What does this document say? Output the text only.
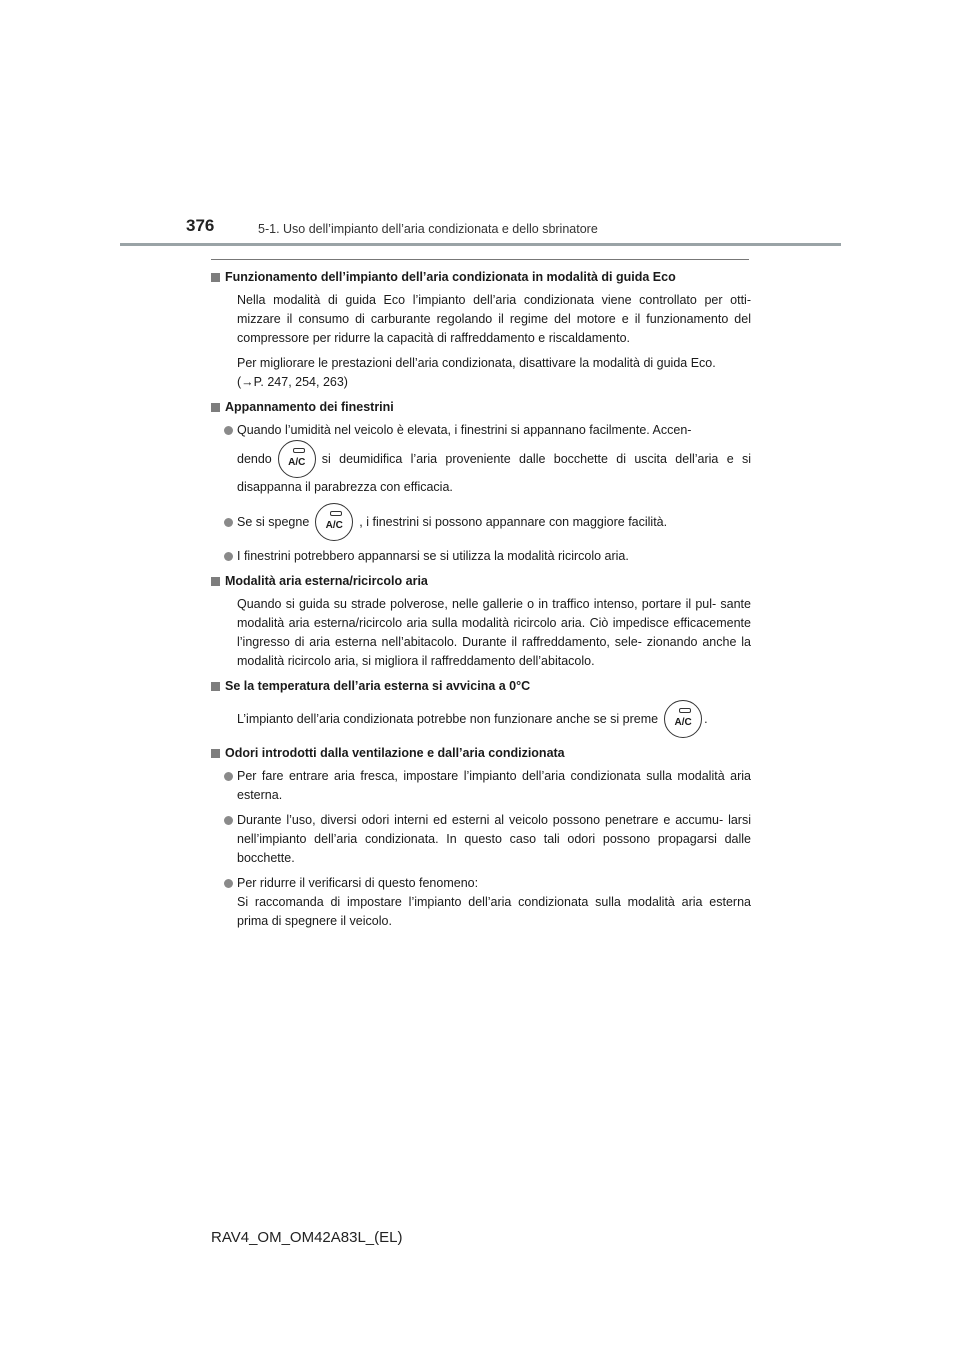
376	5-1. Uso dell’impianto dell’aria condizionata e dello sbrinatore
Funzionamento dell’impianto dell’aria condizionata in modalità di guida Eco

Nella modalità di guida Eco l’impianto dell’aria condizionata viene controllato per otti- mizzare il consumo di carburante regolando il regime del motore e il funzionamento del compressore per ridurre la capacità di raffreddamento e riscaldamento.

Per migliorare le prestazioni dell’aria condizionata, disattivare la modalità di guida Eco.
(→P. 247, 254, 263)

Appannamento dei finestrini
Quando l’umidità nel veicolo è elevata, i finestrini si appannano facilmente. Accen-
dendo A/C si deumidifica l’aria proveniente dalle bocchette di uscita dell’aria e si
disappanna il parabrezza con efficacia.
Se si spegne A/C , i finestrini si possono appannare con maggiore facilità.
I finestrini potrebbero appannarsi se si utilizza la modalità ricircolo aria.
Modalità aria esterna/ricircolo aria

Quando si guida su strade polverose, nelle gallerie o in traffico intenso, portare il pul- sante modalità aria esterna/ricircolo aria sulla modalità ricircolo aria. Ciò impedisce efficacemente l’ingresso di aria esterna nell’abitacolo. Durante il raffreddamento, sele- zionando anche la modalità ricircolo aria, si migliora il raffreddamento dell’abitacolo.

Se la temperatura dell’aria esterna si avvicina a 0°C
L’impianto dell’aria condizionata potrebbe non funzionare anche se si preme A/C .
Odori introdotti dalla ventilazione e dall’aria condizionata
Per fare entrare aria fresca, impostare l’impianto dell’aria condizionata sulla modalità aria esterna.
Durante l’uso, diversi odori interni ed esterni al veicolo possono penetrare e accumu- larsi nell’impianto dell’aria condizionata. In questo caso tali odori possono propagarsi dalle bocchette.
Per ridurre il verificarsi di questo fenomeno:
Si raccomanda di impostare l’impianto dell’aria condizionata sulla modalità aria esterna prima di spegnere il veicolo.
RAV4_OM_OM42A83L_(EL)
